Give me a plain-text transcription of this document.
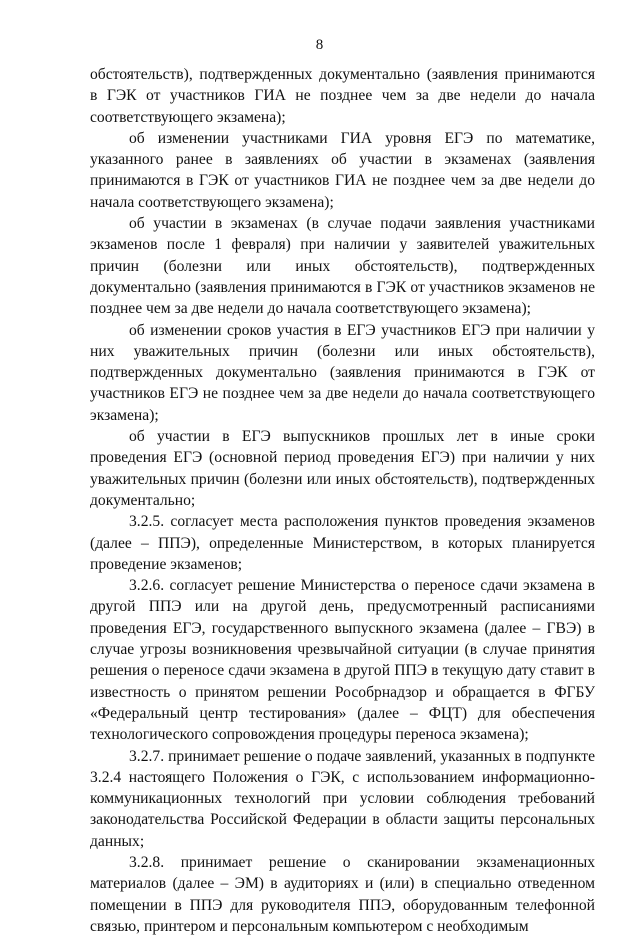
8

обстоятельств), подтвержденных документально (заявления принимаются в ГЭК от участников ГИА не позднее чем за две недели до начала соответствующего экзамена);

об изменении участниками ГИА уровня ЕГЭ по математике, указанного ранее в заявлениях об участии в экзаменах (заявления принимаются в ГЭК от участников ГИА не позднее чем за две недели до начала соответствующего экзамена);

об участии в экзаменах (в случае подачи заявления участниками экзаменов после 1 февраля) при наличии у заявителей уважительных причин (болезни или иных обстоятельств), подтвержденных документально (заявления принимаются в ГЭК от участников экзаменов не позднее чем за две недели до начала соответствующего экзамена);

об изменении сроков участия в ЕГЭ участников ЕГЭ при наличии у них уважительных причин (болезни или иных обстоятельств), подтвержденных документально (заявления принимаются в ГЭК от участников ЕГЭ не позднее чем за две недели до начала соответствующего экзамена);

об участии в ЕГЭ выпускников прошлых лет в иные сроки проведения ЕГЭ (основной период проведения ЕГЭ) при наличии у них уважительных причин (болезни или иных обстоятельств), подтвержденных документально;

3.2.5. согласует места расположения пунктов проведения экзаменов (далее – ППЭ), определенные Министерством, в которых планируется проведение экзаменов;

3.2.6. согласует решение Министерства о переносе сдачи экзамена в другой ППЭ или на другой день, предусмотренный расписаниями проведения ЕГЭ, государственного выпускного экзамена (далее – ГВЭ) в случае угрозы возникновения чрезвычайной ситуации (в случае принятия решения о переносе сдачи экзамена в другой ППЭ в текущую дату ставит в известность о принятом решении Рособрнадзор и обращается в ФГБУ «Федеральный центр тестирования» (далее – ФЦТ) для обеспечения технологического сопровождения процедуры переноса экзамена);

3.2.7. принимает решение о подаче заявлений, указанных в подпункте 3.2.4 настоящего Положения о ГЭК, с использованием информационно-коммуникационных технологий при условии соблюдения требований законодательства Российской Федерации в области защиты персональных данных;

3.2.8. принимает решение о сканировании экзаменационных материалов (далее – ЭМ) в аудиториях и (или) в специально отведенном помещении в ППЭ для руководителя ППЭ, оборудованным телефонной связью, принтером и персональным компьютером с необходимым
